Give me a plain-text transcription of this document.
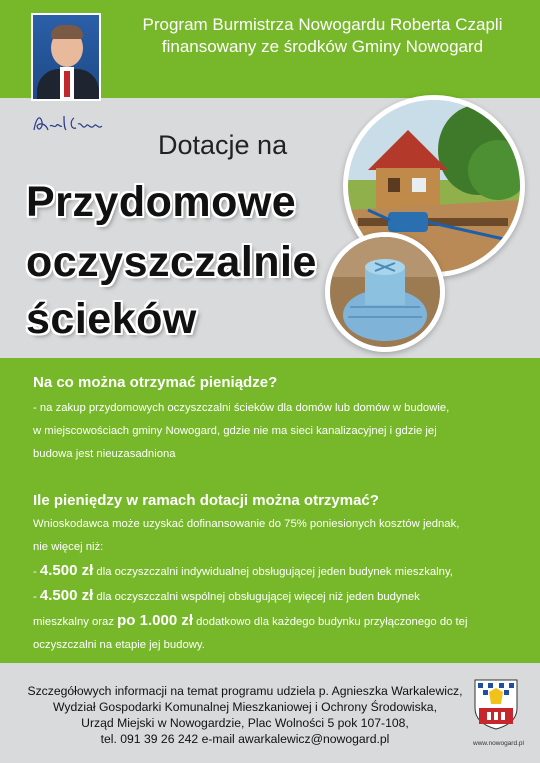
Program Burmistrza Nowogardu Roberta Czapli
finansowany ze środków Gminy Nowogard
Dotacje na
Przydomowe
oczyszczalnie
ścieków
Na co można otrzymać pieniądze?
- na zakup przydomowych oczyszczalni ścieków dla domów lub domów w budowie,
w miejscowościach gminy Nowogard, gdzie nie ma sieci kanalizacyjnej i gdzie jej
budowa jest nieuzasadniona
Ile pieniędzy w ramach dotacji można otrzymać?
Wnioskodawca może uzyskać dofinansowanie do 75% poniesionych kosztów jednak,
nie więcej niż:
- 4.500 zł dla oczyszczalni indywidualnej obsługującej jeden budynek mieszkalny,
- 4.500 zł dla oczyszczalni wspólnej obsługującej więcej niż jeden budynek
mieszkalny oraz po 1.000 zł dodatkowo dla każdego budynku przyłączonego do tej
oczyszczalni na etapie jej budowy.
Szczegółowych informacji na temat programu udziela p. Agnieszka Warkalewicz,
Wydział Gospodarki Komunalnej Mieszkaniowej i Ochrony Środowiska,
Urząd Miejski w Nowogardzie, Plac Wolności 5 pok 107-108,
tel. 091 39 26 242 e-mail awarkalewicz@nowogard.pl	www.nowogard.pl
